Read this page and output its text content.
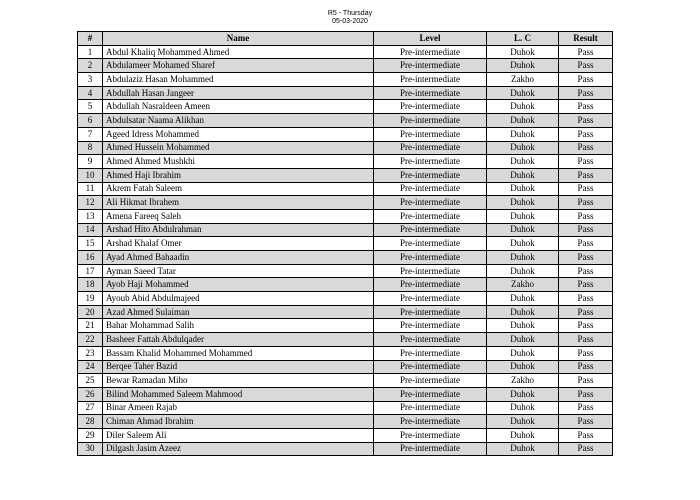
R5 - Thursday
05-03-2020
#	Name	Level	L. C	Result
1	Abdul Khaliq Mohammed Ahmed	Pre-intermediate	Duhok	Pass
2	Abdulameer Mohamed Sharef	Pre-intermediate	Duhok	Pass
3	Abdulaziz Hasan Mohammed	Pre-intermediate	Zakho	Pass
4	Abdullah Hasan Jangeer	Pre-intermediate	Duhok	Pass
5	Abdullah Nasraldeen Ameen	Pre-intermediate	Duhok	Pass
6	Abdulsatar Naama Alikhan	Pre-intermediate	Duhok	Pass
7	Ageed Idress Mohammed	Pre-intermediate	Duhok	Pass
8	Ahmed Hussein Mohammed	Pre-intermediate	Duhok	Pass
9	Ahmed Ahmed Mushkhi	Pre-intermediate	Duhok	Pass
10	Ahmed Haji Ibrahim	Pre-intermediate	Duhok	Pass
11	Akrem Fatah Saleem	Pre-intermediate	Duhok	Pass
12	Ali Hikmat Ibrahem	Pre-intermediate	Duhok	Pass
13	Amena Fareeq Saleh	Pre-intermediate	Duhok	Pass
14	Arshad Hito Abdulrahman	Pre-intermediate	Duhok	Pass
15	Arshad Khalaf Omer	Pre-intermediate	Duhok	Pass
16	Ayad Ahmed Bahaadin	Pre-intermediate	Duhok	Pass
17	Ayman Saeed Tatar	Pre-intermediate	Duhok	Pass
18	Ayob Haji Mohammed	Pre-intermediate	Zakho	Pass
19	Ayoub Abid Abdulmajeed	Pre-intermediate	Duhok	Pass
20	Azad Ahmed Sulaiman	Pre-intermediate	Duhok	Pass
21	Bahar Mohammad Salih	Pre-intermediate	Duhok	Pass
22	Basheer Fattah Abdulqader	Pre-intermediate	Duhok	Pass
23	Bassam Khalid Mohammed Mohammed	Pre-intermediate	Duhok	Pass
24	Berqee Taher Bazid	Pre-intermediate	Duhok	Pass
25	Bewar Ramadan Miho	Pre-intermediate	Zakho	Pass
26	Bilind Mohammed Saleem Mahmood	Pre-intermediate	Duhok	Pass
27	Binar Ameen Rajab	Pre-intermediate	Duhok	Pass
28	Chiman Ahmad Ibrahim	Pre-intermediate	Duhok	Pass
29	Diler Saleem Ali	Pre-intermediate	Duhok	Pass
30	Dilgash Jasim Azeez	Pre-intermediate	Duhok	Pass
